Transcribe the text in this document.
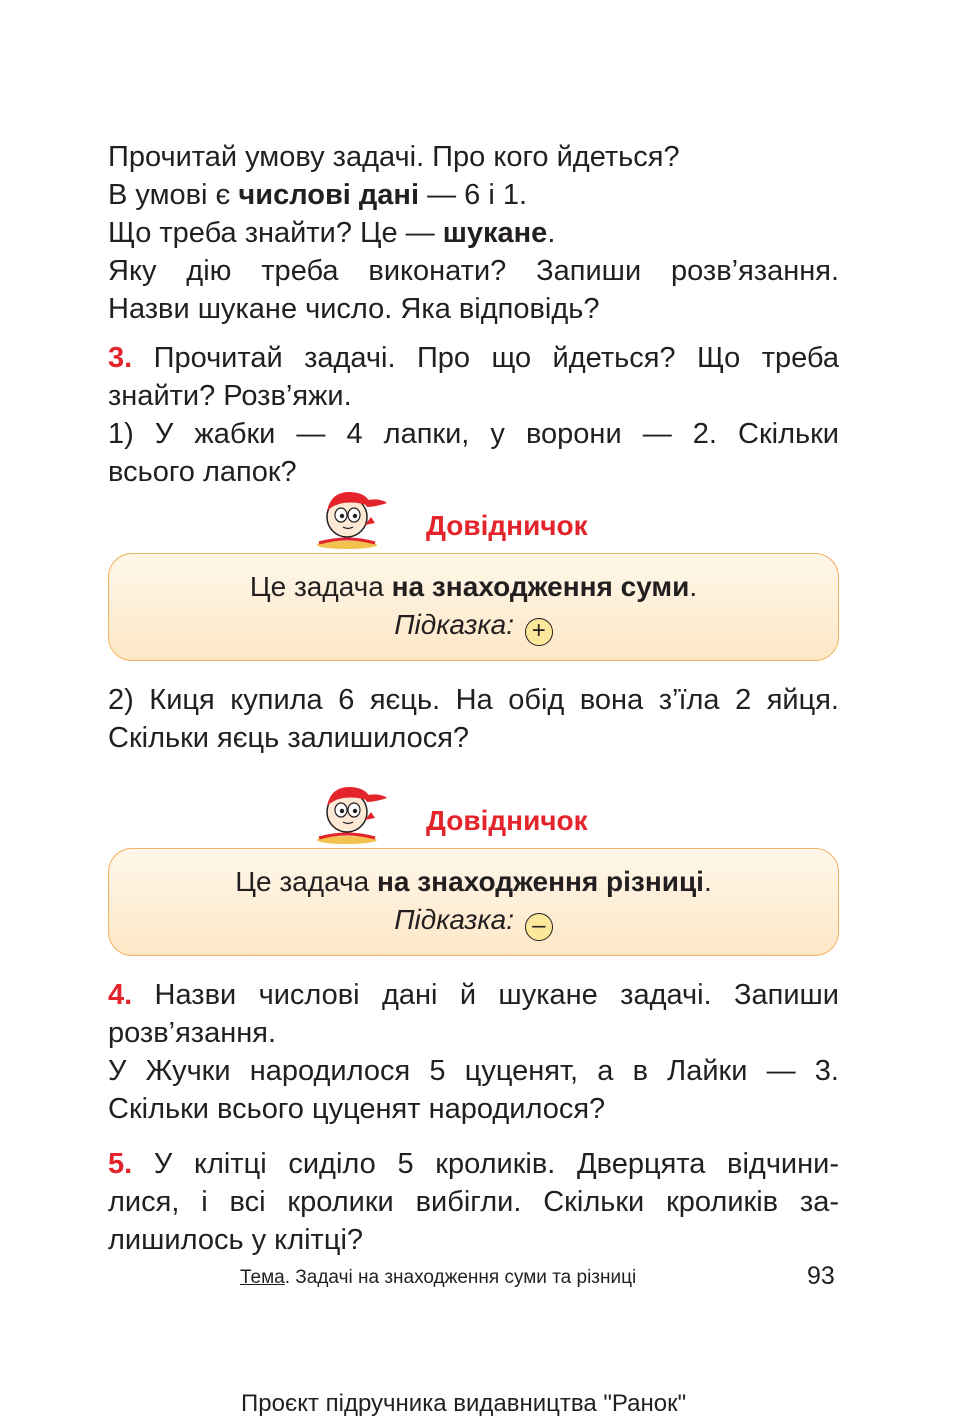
Прочитай умову задачі. Про кого йдеться?

В умові є числові дані — 6 і 1.

Що треба знайти? Це — шукане.

Яку дію треба виконати? Запиши розв’язання.

Назви шукане число. Яка відповідь?

3. Прочитай задачі. Про що йдеться? Що треба

знайти? Розв’яжи.

1) У жабки — 4 лапки, у ворони — 2. Скільки

всього лапок?

Довідничок
Це задача на знаходження суми.
Підказка: +

2) Киця купила 6 яєць. На обід вона з’їла 2 яйця.

Скільки яєць залишилося?

Довідничок
Це задача на знаходження різниці.
Підказка: –

4. Назви числові дані й шукане задачі. Запиши

розв’язання.

У Жучки народилося 5 цуценят, а в Лайки — 3.

Скільки всього цуценят народилося?

5. У клітці сиділо 5 кроликів. Дверцята відчини-

лися, і всі кролики вибігли. Скільки кроликів за-

лишилось у клітці?

Тема. Задачі на знаходження суми та різниці	93
Проєкт підручника видавництва "Ранок"
